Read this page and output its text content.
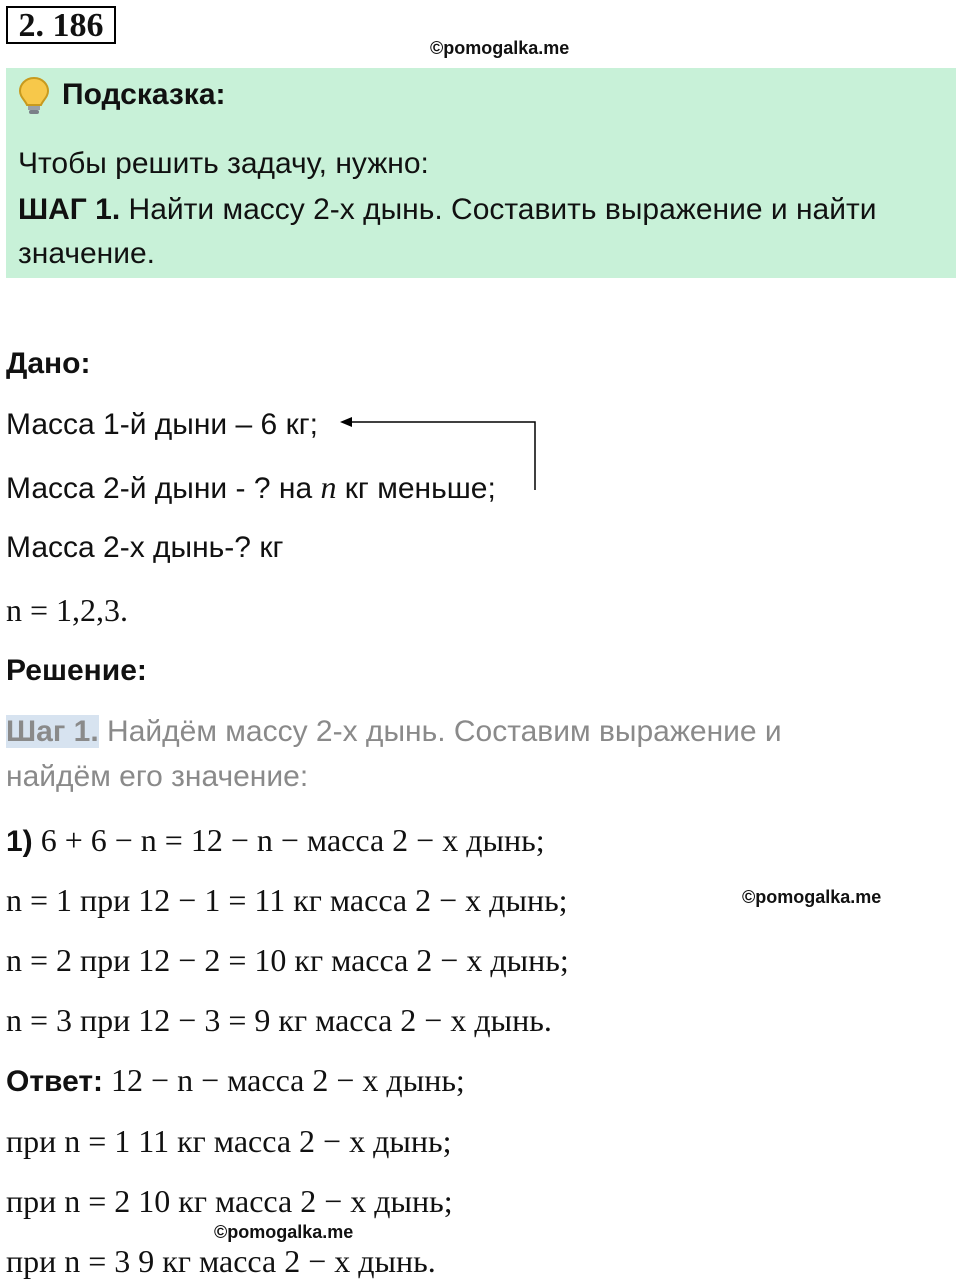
2. 186
©pomogalka.me
Подсказка:
Чтобы решить задачу, нужно:
ШАГ 1. Найти массу 2-х дынь. Составить выражение и найти
значение.
Дано:
Масса 1-й дыни – 6 кг;
Масса 2-й дыни - ? на n кг меньше;
Масса 2-х дынь-? кг
n = 1,2,3.
Решение:
Шаг 1. Найдём массу 2-х дынь. Составим выражение и
найдём его значение:
1) 6 + 6 − n = 12 − n − масса 2 − х дынь;
n = 1 при 12 − 1 = 11 кг масса 2 − х дынь;	©pomogalka.me
n = 2 при 12 − 2 = 10 кг масса 2 − х дынь;
n = 3 при 12 − 3 = 9 кг масса 2 − х дынь.
Ответ: 12 − n − масса 2 − х дынь;
при n = 1 11 кг масса 2 − х дынь;
при n = 2 10 кг масса 2 − х дынь;
©pomogalka.me
при n = 3 9 кг масса 2 − х дынь.
